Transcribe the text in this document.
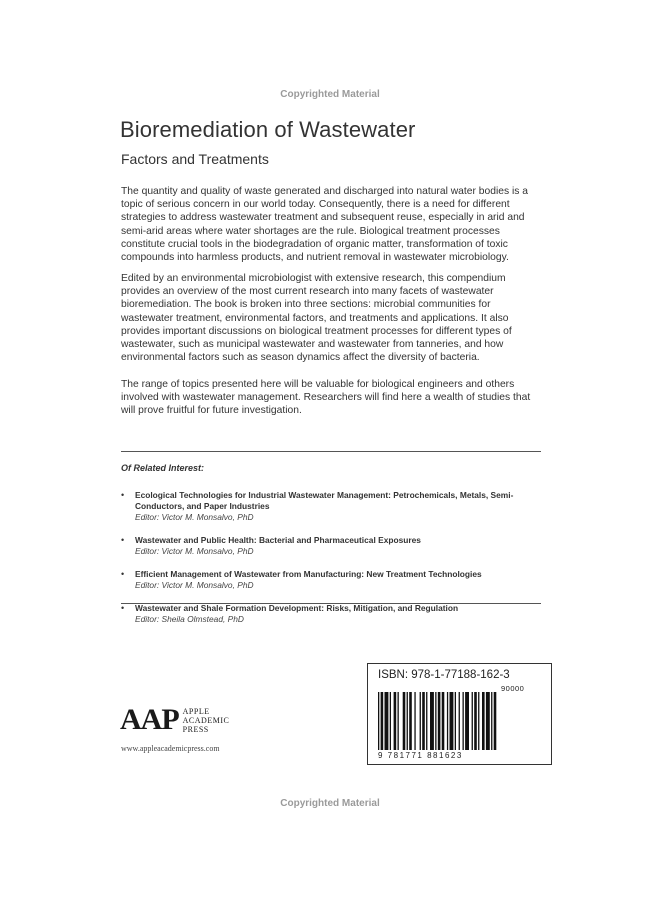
Copyrighted Material
Bioremediation of Wastewater
Factors and Treatments

The quantity and quality of waste generated and discharged into natural water bodies is a topic of serious concern in our world today. Consequently, there is a need for different strategies to address wastewater treatment and subsequent reuse, especially in arid and semi-arid areas where water shortages are the rule. Biological treatment processes constitute crucial tools in the biodegradation of organic matter, transformation of toxic compounds into harmless products, and nutrient removal in wastewater microbiology.

Edited by an environmental microbiologist with extensive research, this compendium provides an overview of the most current research into many facets of wastewater bioremediation. The book is broken into three sections: microbial communities for wastewater treatment, environmental factors, and treatments and applications. It also provides important discussions on biological treatment processes for different types of wastewater, such as municipal wastewater and wastewater from tanneries, and how environmental factors such as season dynamics affect the diversity of bacteria.

The range of topics presented here will be valuable for biological engineers and others involved with wastewater management. Researchers will find here a wealth of studies that will prove fruitful for future investigation.

Of Related Interest:
• Ecological Technologies for Industrial Wastewater Management: Petrochemicals, Metals, Semi-Conductors, and Paper Industries
Editor: Victor M. Monsalvo, PhD
• Wastewater and Public Health: Bacterial and Pharmaceutical Exposures
Editor: Victor M. Monsalvo, PhD
• Efficient Management of Wastewater from Manufacturing: New Treatment Technologies
Editor: Victor M. Monsalvo, PhD
• Wastewater and Shale Formation Development: Risks, Mitigation, and Regulation
Editor: Sheila Olmstead, PhD
AAP APPLE
ACADEMIC
PRESS
www.appleacademicpress.com
ISBN: 978-1-77188-162-3
90000
9 781771 881623
Copyrighted Material
